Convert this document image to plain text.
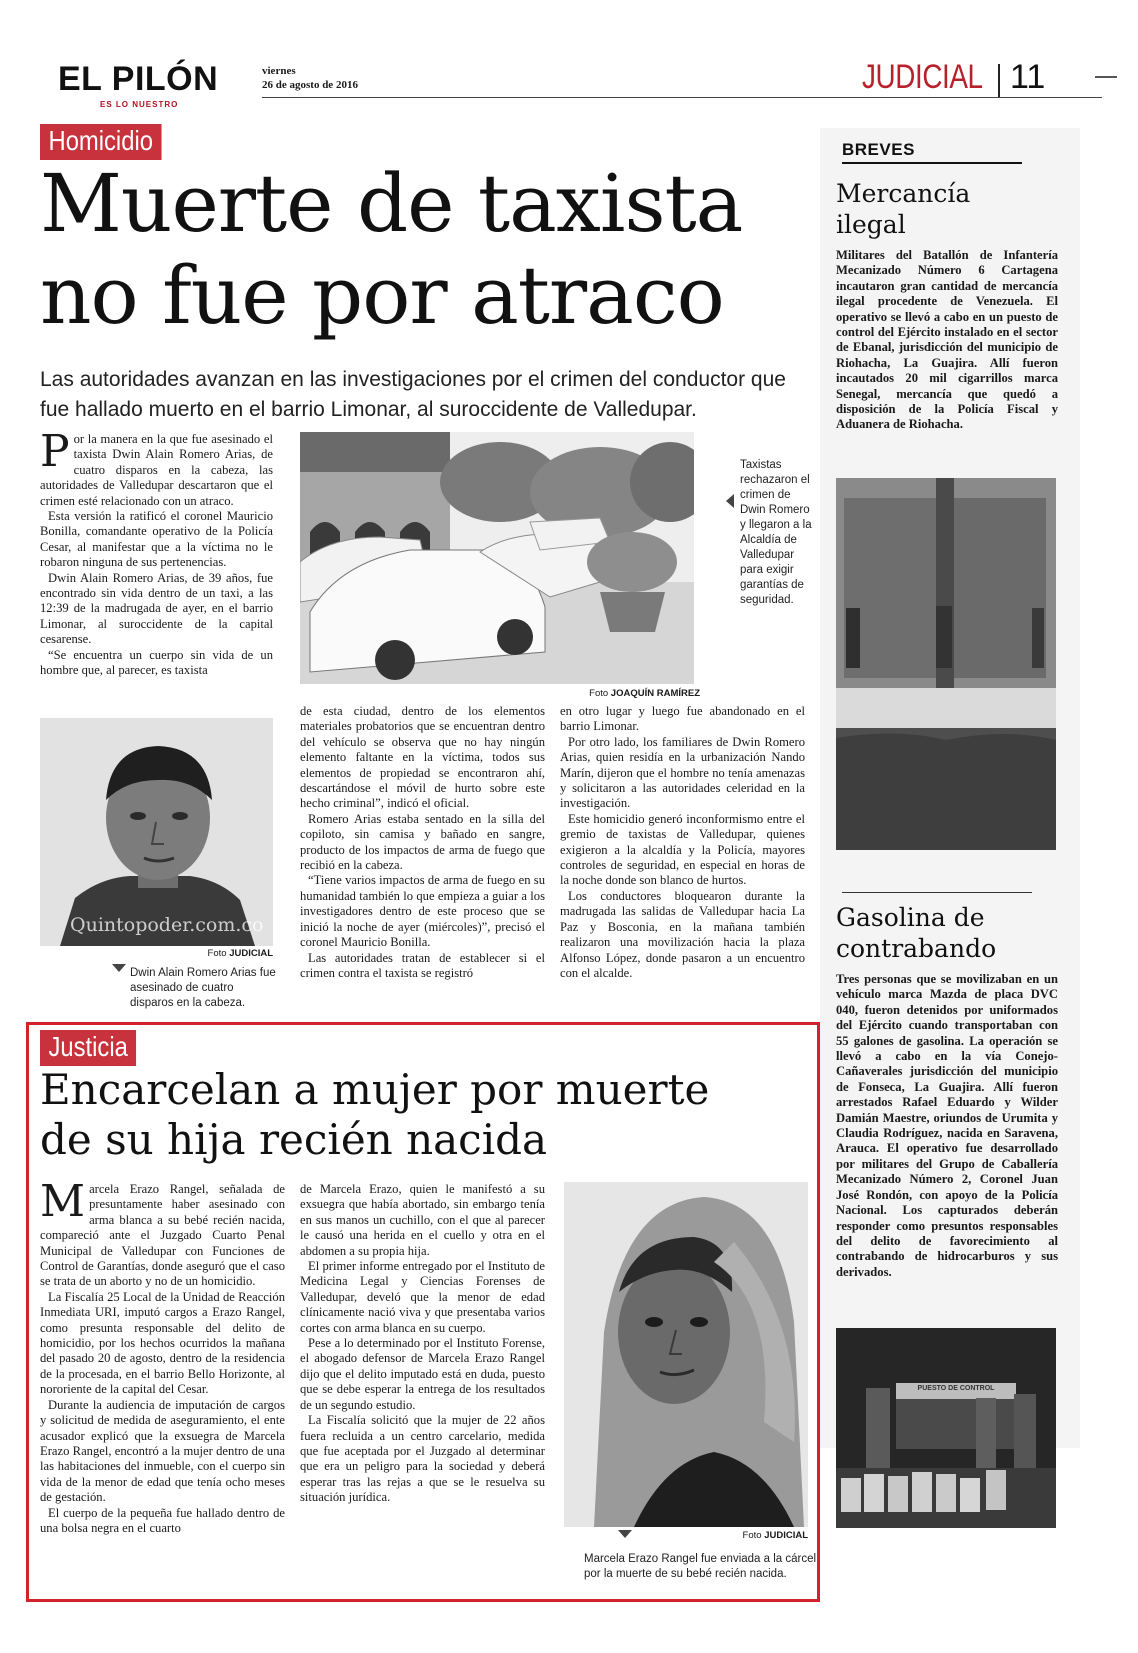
EL PILÓN
ES LO NUESTRO
viernes
26 de agosto de 2016	JUDICIAL 11
Homicidio
Muerte de taxista
no fue por atraco
Las autoridades avanzan en las investigaciones por el crimen del conductor que fue hallado muerto en el barrio Limonar, al suroccidente de Valledupar.

Por la manera en la que fue asesinado el taxista Dwin Alain Romero Arias, de cuatro disparos en la cabeza, las autoridades de Valledupar descartaron que el crimen esté relacionado con un atraco.

Esta versión la ratificó el coronel Mauricio Bonilla, comandante operativo de la Policía Cesar, al manifestar que a la víctima no le robaron ninguna de sus pertenencias.

Dwin Alain Romero Arias, de 39 años, fue encontrado sin vida dentro de un taxi, a las 12:39 de la madrugada de ayer, en el barrio Limonar, al suroccidente de la capital cesarense.

“Se encuentra un cuerpo sin vida de un hombre que, al parecer, es taxista

Quintopoder.com.co
Foto JUDICIAL
Dwin Alain Romero Arias fue asesinado de cuatro disparos en la cabeza.
Foto JOAQUÍN RAMÍREZ
Taxistas rechazaron el crimen de Dwin Romero y llegaron a la Alcaldía de Valledupar para exigir garantías de seguridad.

de esta ciudad, dentro de los elementos materiales probatorios que se encuentran dentro del vehículo se observa que no hay ningún elemento faltante en la víctima, todos sus elementos de propiedad se encontraron ahí, descartándose el móvil de hurto sobre este hecho criminal”, indicó el oficial.

Romero Arias estaba sentado en la silla del copiloto, sin camisa y bañado en sangre, producto de los impactos de arma de fuego que recibió en la cabeza.

“Tiene varios impactos de arma de fuego en su humanidad también lo que empieza a guiar a los investigadores dentro de este proceso que se inició la noche de ayer (miércoles)”, precisó el coronel Mauricio Bonilla.

Las autoridades tratan de establecer si el crimen contra el taxista se registró

en otro lugar y luego fue abandonado en el barrio Limonar.

Por otro lado, los familiares de Dwin Romero Arias, quien residía en la urbanización Nando Marín, dijeron que el hombre no tenía amenazas y solicitaron a las autoridades celeridad en la investigación.

Este homicidio generó inconformismo entre el gremio de taxistas de Valledupar, quienes exigieron a la alcaldía y la Policía, mayores controles de seguridad, en especial en horas de la noche donde son blanco de hurtos.

Los conductores bloquearon durante la madrugada las salidas de Valledupar hacia La Paz y Bosconia, en la mañana también realizaron una movilización hacia la plaza Alfonso López, donde pasaron a un encuentro con el alcalde.

BREVES
Mercancía
ilegal
Militares del Batallón de Infantería Mecanizado Número 6 Cartagena incautaron gran cantidad de mercancía ilegal procedente de Venezuela. El operativo se llevó a cabo en un puesto de control del Ejército instalado en el sector de Ebanal, jurisdicción del municipio de Riohacha, La Guajira. Allí fueron incautados 20 mil cigarrillos marca Senegal, mercancía que quedó a disposición de la Policía Fiscal y Aduanera de Riohacha.
Gasolina de
contrabando
Tres personas que se movilizaban en un vehículo marca Mazda de placa DVC 040, fueron detenidos por uniformados del Ejército cuando transportaban con 55 galones de gasolina. La operación se llevó a cabo en la vía Conejo-Cañaverales jurisdicción del municipio de Fonseca, La Guajira. Allí fueron arrestados Rafael Eduardo y Wilder Damián Maestre, oriundos de Urumita y Claudia Rodríguez, nacida en Saravena, Arauca. El operativo fue desarrollado por militares del Grupo de Caballería Mecanizado Número 2, Coronel Juan José Rondón, con apoyo de la Policía Nacional. Los capturados deberán responder como presuntos responsables del delito de favorecimiento al contrabando de hidrocarburos y sus derivados.
PUESTO DE CONTROL
Justicia
Encarcelan a mujer por muerte
de su hija recién nacida

Marcela Erazo Rangel, señalada de presuntamente haber asesinado con arma blanca a su bebé recién nacida, compareció ante el Juzgado Cuarto Penal Municipal de Valledupar con Funciones de Control de Garantías, donde aseguró que el caso se trata de un aborto y no de un homicidio.

La Fiscalía 25 Local de la Unidad de Reacción Inmediata URI, imputó cargos a Erazo Rangel, como presunta responsable del delito de homicidio, por los hechos ocurridos la mañana del pasado 20 de agosto, dentro de la residencia de la procesada, en el barrio Bello Horizonte, al nororiente de la capital del Cesar.

Durante la audiencia de imputación de cargos y solicitud de medida de aseguramiento, el ente acusador explicó que la exsuegra de Marcela Erazo Rangel, encontró a la mujer dentro de una las habitaciones del inmueble, con el cuerpo sin vida de la menor de edad que tenía ocho meses de gestación.

El cuerpo de la pequeña fue hallado dentro de una bolsa negra en el cuarto

de Marcela Erazo, quien le manifestó a su exsuegra que había abortado, sin embargo tenía en sus manos un cuchillo, con el que al parecer le causó una herida en el cuello y otra en el abdomen a su propia hija.

El primer informe entregado por el Instituto de Medicina Legal y Ciencias Forenses de Valledupar, develó que la menor de edad clínicamente nació viva y que presentaba varios cortes con arma blanca en su cuerpo.

Pese a lo determinado por el Instituto Forense, el abogado defensor de Marcela Erazo Rangel dijo que el delito imputado está en duda, puesto que se debe esperar la entrega de los resultados de un segundo estudio.

La Fiscalía solicitó que la mujer de 22 años fuera recluida a un centro carcelario, medida que fue aceptada por el Juzgado al determinar que era un peligro para la sociedad y deberá esperar tras las rejas a que se le resuelva su situación jurídica.

Foto JUDICIAL
Marcela Erazo Rangel fue enviada a la cárcel por la muerte de su bebé recién nacida.
